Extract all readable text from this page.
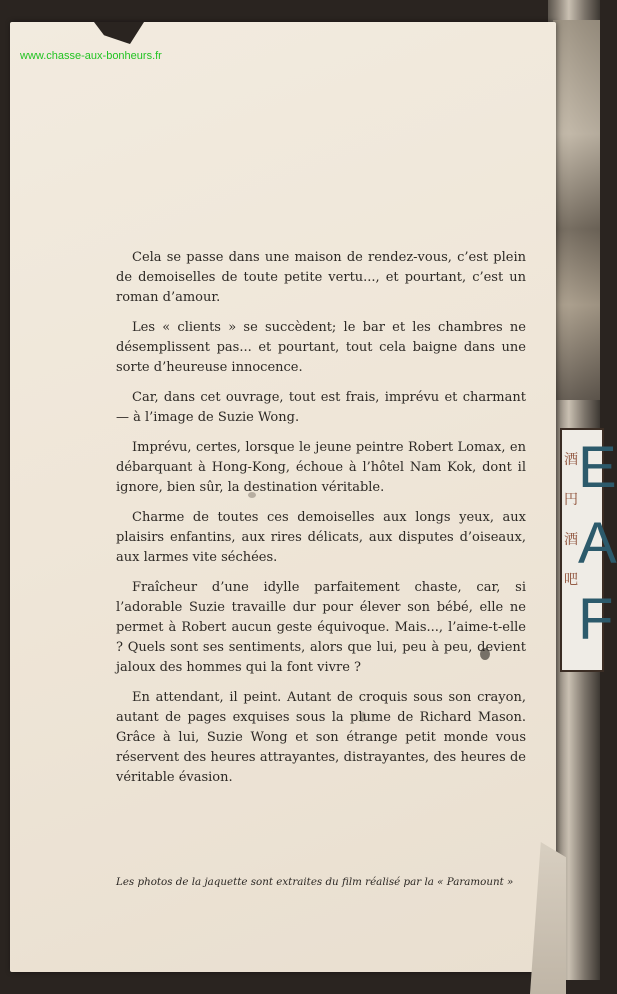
酒
円
酒
吧
E
A
F
www.chasse-aux-bonheurs.fr

Cela se passe dans une maison de rendez-vous, c’est plein de demoiselles de toute petite vertu..., et pourtant, c’est un roman d’amour.

Les « clients » se succèdent; le bar et les chambres ne désemplissent pas... et pourtant, tout cela baigne dans une sorte d’heureuse innocence.

Car, dans cet ouvrage, tout est frais, imprévu et charmant — à l’image de Suzie Wong.

Imprévu, certes, lorsque le jeune peintre Robert Lomax, en débarquant à Hong-Kong, échoue à l’hôtel Nam Kok, dont il ignore, bien sûr, la destination véritable.

Charme de toutes ces demoiselles aux longs yeux, aux plaisirs enfantins, aux rires délicats, aux disputes d’oiseaux, aux larmes vite séchées.

Fraîcheur d’une idylle parfaitement chaste, car, si l’adorable Suzie travaille dur pour élever son bébé, elle ne permet à Robert aucun geste équivoque. Mais..., l’aime-t-elle ? Quels sont ses sentiments, alors que lui, peu à peu, devient jaloux des hommes qui la font vivre ?

En attendant, il peint. Autant de croquis sous son crayon, autant de pages exquises sous la plume de Richard Mason. Grâce à lui, Suzie Wong et son étrange petit monde vous réservent des heures attrayantes, distrayantes, des heures de véritable évasion.

Les photos de la jaquette sont extraites du film réalisé par la « Paramount »
